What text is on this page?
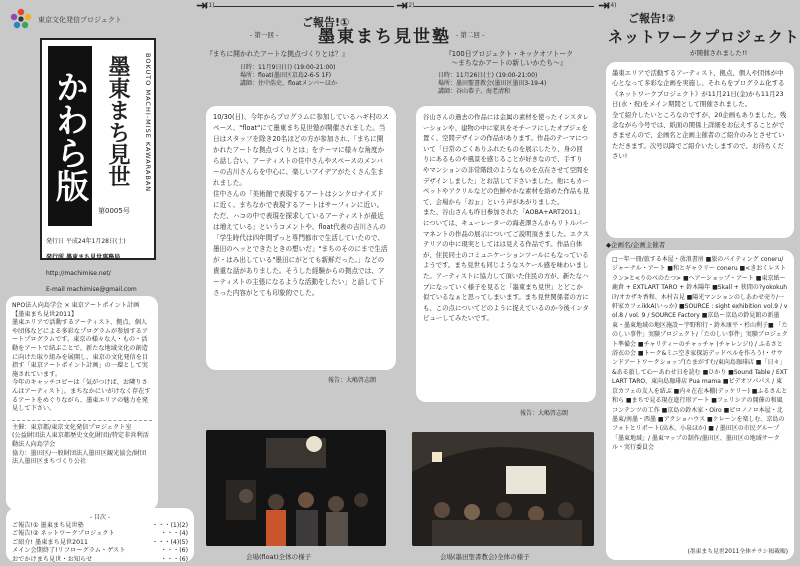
東京文化発信プロジェクト
かわら版 墨東まち見世	BOKUTO MACHI-MISE KAWARABAN
第0005号

発行日 平成24年1月28日(土)

発行所 墨東まち見世事務局

http://machimise.net/

E-mail machimise@gmail.com

NPO法人向島学会 × 東京アートポイント計画
【墨東まち見世2011】
墨東エリアで活動するアーティスト、拠点、個人や団体などによる多彩なプログラムが参加するアートプログラムです。東京の様々な人・もの・活動をアートで結ぶことで、新たな地域文化の創造に向けた取り組みを展開し、東京の文化発信を目指す「東京アートポイント計画」の一環として実施されています。
今年のキャッチコピーは「気がつけば、お隣りさんはアーティスト」。まちなかにいがけなく存在するアートをめぐりながら、墨東エリアの魅力を発見して下さい。
主催：東京都/東京文化発信プロジェクト室
(公益財団法人東京都歴史文化財団)/特定非営利活動法人向島学会
協力：墨田区/一般財団法人墨田区観光協会/財団法人墨田区まちづくり公社
- 目次 -
ご報告!① 墨東まち見世塾	・・・(1)(2)
ご報告!② ネットワークプロジェクト	・・・(4)
ご紹介! 墨東まち見世2011	・・・(4)(5)
メイン会期終了!リフローグラム・ゲスト	・・・(6)
おでかけまち見世・お知らせ	・・・(6)
⇥
(1)	⇥
(2)	⇥
(4)
ご報告!①
- 第一回 - 墨東まち見世塾 - 第二回 -
『まちに開かれたアートな拠点づくりとは？』
日時：11月9日(日) (19:00-21:00)
場所：float(墨田区京島2-6-5 1F)
講師：住中浩史、floatメンバーほか
『100日プロジェクト・キックオフトーク
～まちなかアートの新しいかたち～』
日時：11月26日(土) (19:00-21:00)
場所：墨田聖書教会(墨田区墨田3-19-4)
講師：谷山恭子、海老清和
10/30(日)、今年からプログラムに参加しているハギ村のスペース、"float"にて墨東まち見世塾が開催されました。当日はスタッフを除き20名ほどの方が参加され、「まちに開かれたアートな拠点づくりとは」をテーマに様々な角度から話し合い、アーティストの住中さんやスペースのメンバーの吉川さんらを中心に、楽しいアイデアがたくさん生まれました。
住中さんの「美術館で表現するアートはシンクロナイズドに近く、まちなかで表現するアートはサーフィンに近い。ただ、ハコの中で表現を探求しているアーティストが最近は増えている」というコメントや、float代表の吉川さんの「学生時代は四年間ずっと専門都市で生活していたので、墨田のヘッとできたときの想いだ」"まちのそのにまで生活が・はみ出している"墨田にがとても新鮮だった。」などの貴重な話がありました。そうした経験からの拠点では、アーティストの主張になるような活動をしたい」と話して下さった内容がとても印象的でした。
報告：大嶋啓志朗
谷山さんの過去の作品には金属の素材を使ったインスタレーションや、建物の中に家具をモチーフにしたオブジェを置く、空間デザインの作品があります。作品のテーマについて「日常のごくありふれたものを展示したり、身の回りにあるものや風景を感じることが好きなので、手すりやマンションの非常階段のようなものを点在させて空間をデザインしました」とお話して下さいました。他にもカーペットやアクリルなどの色鮮やかな素材を絡めた作品も見て、会場から「おぉ」という声があがりました。
また、谷山さんも昨日参加された「AOBA+ART2011」については、キューレーターの海老澤さんからリトルパーマネントの作品の展示についてご説明頂きました。エクステリアの中に現実としてはは見える作品です。作品自体が、住民同士のコミュニケーションツールにもなっているようです。まち見世も同じようなスケール感を味わいました。アーティストに協力して頂いた住民の方が、新たなハブになっていく様子を見ると「墨東まち見世」とどこか似ているなぁと思ってしまいます。まち見世関係者の方にも、この点についてどのように捉えているのか今後インタビューしてみたいです。
報告：大嶋啓志朗
会場(float)全体の様子	会場(墨田聖書教会)全体の様子
ご報告!②
ネットワークプロジェクト
が開催されました!!
墨東エリアで活動するアーティスト、拠点、個人や団体が中心となって多彩な企画を実施し、それらをプログラム化する《ネットワークプロジェクト》が11月21日(金)から11月23日(水・祝)をメイン期間として開催されました。
全て紹介したいところなのですが、20企画もありました。残念ながら今号では、紙面の関係上詳細をお伝えすることができませんので、企画名と企画主催者のご紹介のみとさせていただきます。次号以降でご紹介いたしますので、お待ちください!
◆企画名/企画主催者
□一年一冊/旅する本屋・放浪書房 ■旅のパイティング coneru/ジャーナル・アート ■和とギャラリー coneru ■<きおくレストラン>と<りのべのたつ> ■ヘアーショップ・アート ■東京紙ー鹿倉 + EXTLART TARO + 鈴木陽年 ■Skall + 狭間の?yokokuhi?/オカザキ香和、木村吉見 ■陽光マンションのしあわせ売り/一軒家カフェikkA(いっか) ■SOURCE : sight exhibition vol.9 / vol.8 / vol. 9 / SOURCE Factory ■京島ー京島の鈴見館の新墨東・墨東地域の地区施設ー宇野和行・鈴木康平・杉山利子■ 「たのしい事件」実験プロジェクト/「たのしい事件」実験ブロジェクト準備会 ■チャリティーのチャッチャ (チャレンジ!) / ふるさと浴衣の会 ■トーク&ミニ空き家探訪デッドベルを作ろう!・サウンドアートワークショップ(たまがすむ/東向島珈琲店 ■「日々」&ある旅して心ーあわせ日を読む ■ひかり ■Sound Table / EXTLART TARO、東向島珈琲店 Pua mama ■ビデオソパパス / 東京カフェの友人を結ぶ ■内々在在本棚(デッケリー) ■ふるさんと和ら ■まちで見る現在進行形アート ■フェリシアの開催の和風コンテンツの工作 ■京島の鈴木家・Oiro ■ピロノノロ本屋・北墨東/南墨・西墨 ■アクショハウス ■ケレーンを楽しむ、京島のフォトとリポート(高木、小泉ほか) ■ / 墨田区の市民グループ「墨東地域」/ 墨東マップの制作/墨田区、墨田区の地域サークル・実行委員会
(墨東まち見世2011全体チラシ掲載順)
